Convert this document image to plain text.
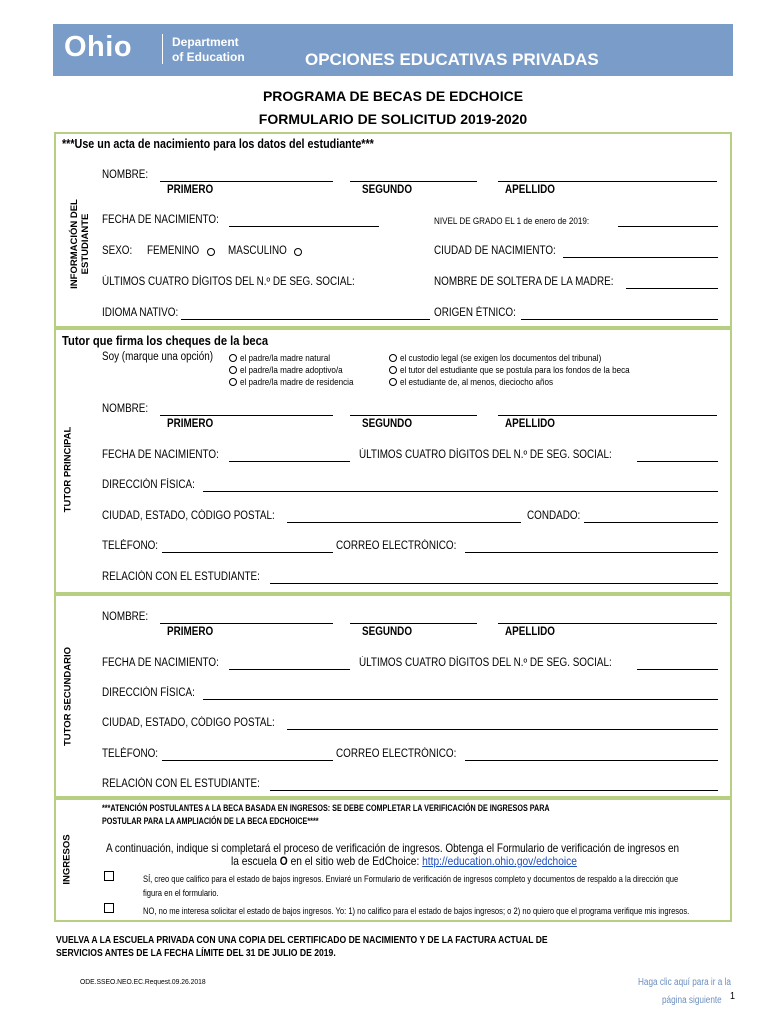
Ohio	Department
of Education	OPCIONES EDUCATIVAS PRIVADAS
PROGRAMA DE BECAS DE EDCHOICE
FORMULARIO DE SOLICITUD 2019-2020
***Use un acta de nacimiento para los datos del estudiante***
INFORMACIÓN DEL ESTUDIANTE
NOMBRE:
PRIMERO	SEGUNDO	APELLIDO
FECHA DE NACIMIENTO:	NIVEL DE GRADO EL 1 de enero de 2019:
SEXO: FEMENINO	MASCULINO	CIUDAD DE NACIMIENTO:
ÚLTIMOS CUATRO DÍGITOS DEL N.º DE SEG. SOCIAL:	NOMBRE DE SOLTERA DE LA MADRE:
IDIOMA NATIVO:	ORIGEN ÉTNICO:
Tutor que firma los cheques de la beca
TUTOR PRINCIPAL
Soy (marque una opción)	el padre/la madre natural
el padre/la madre adoptivo/a
el padre/la madre de residencia
el custodio legal (se exigen los documentos del tribunal)
el tutor del estudiante que se postula para los fondos de la beca
el estudiante de, al menos, dieciocho años
NOMBRE:
PRIMERO	SEGUNDO	APELLIDO
FECHA DE NACIMIENTO:	ÚLTIMOS CUATRO DÍGITOS DEL N.º DE SEG. SOCIAL:
DIRECCIÓN FÍSICA:
CIUDAD, ESTADO, CÓDIGO POSTAL:	CONDADO:
TELÉFONO:	CORREO ELECTRÓNICO:
RELACIÓN CON EL ESTUDIANTE:
TUTOR SECUNDARIO
NOMBRE:
PRIMERO	SEGUNDO	APELLIDO
FECHA DE NACIMIENTO:	ÚLTIMOS CUATRO DÍGITOS DEL N.º DE SEG. SOCIAL:
DIRECCIÓN FÍSICA:
CIUDAD, ESTADO, CÓDIGO POSTAL:
TELÉFONO:	CORREO ELECTRÓNICO:
RELACIÓN CON EL ESTUDIANTE:
INGRESOS
***ATENCIÓN POSTULANTES A LA BECA BASADA EN INGRESOS: SE DEBE COMPLETAR LA VERIFICACIÓN DE INGRESOS PARA
POSTULAR PARA LA AMPLIACIÓN DE LA BECA EDCHOICE****
A continuación, indique si completará el proceso de verificación de ingresos. Obtenga el Formulario de verificación de ingresos en
la escuela O en el sitio web de EdChoice: http://education.ohio.gov/edchoice
SÍ, creo que califico para el estado de bajos ingresos. Enviaré un Formulario de verificación de ingresos completo y documentos de respaldo a la dirección que
figura en el formulario.
NO, no me interesa solicitar el estado de bajos ingresos. Yo: 1) no califico para el estado de bajos ingresos; o 2) no quiero que el programa verifique mis ingresos.
VUELVA A LA ESCUELA PRIVADA CON UNA COPIA DEL CERTIFICADO DE NACIMIENTO Y DE LA FACTURA ACTUAL DE
SERVICIOS ANTES DE LA FECHA LÍMITE DEL 31 DE JULIO DE 2019.
ODE.SSEO.NEO.EC.Request.09.26.2018	Haga clic aquí para ir a la
página siguiente 1
